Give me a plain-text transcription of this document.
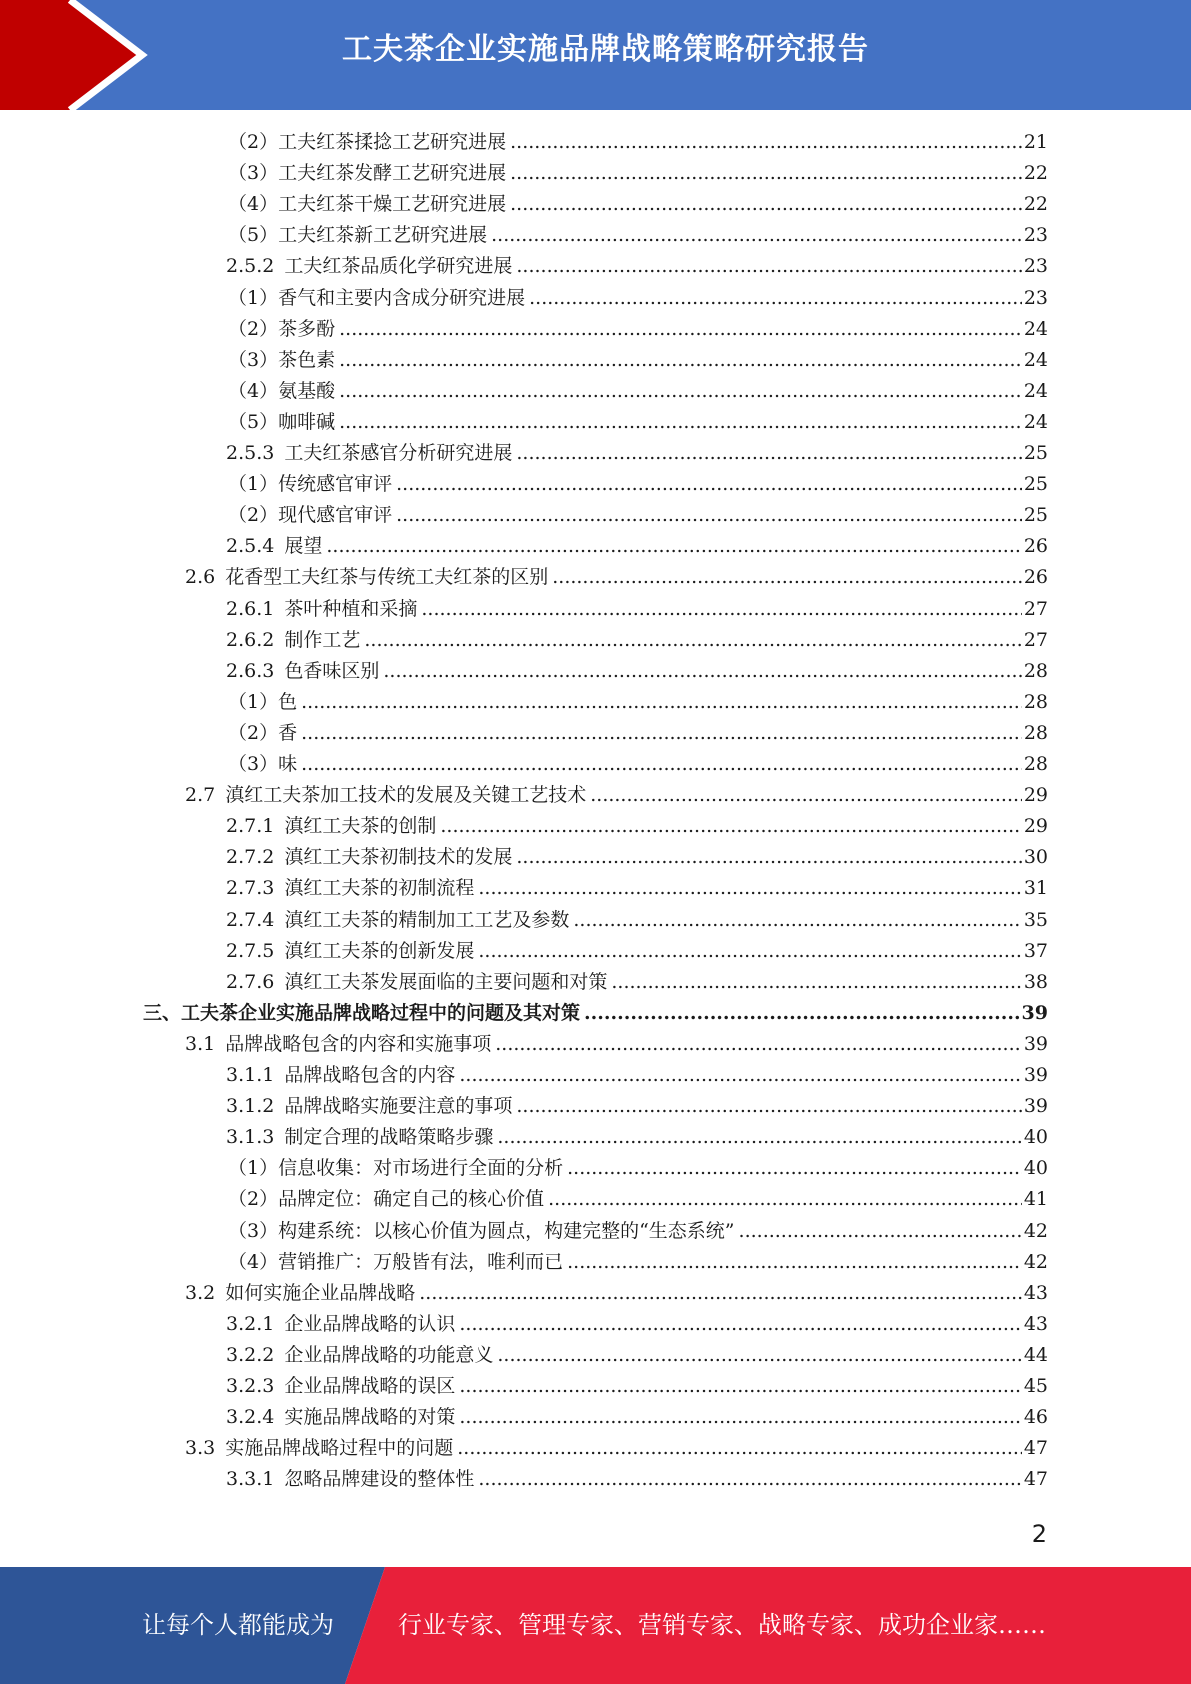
工夫茶企业实施品牌战略策略研究报告
（2） 工夫红茶揉捻工艺研究进展 .....	21
（3） 工夫红茶发酵工艺研究进展 .....	22
（4） 工夫红茶干燥工艺研究进展 .....	22
（5） 工夫红茶新工艺研究进展 .....	23
2.5.2 工夫红茶品质化学研究进展 .....	23
（1） 香气和主要内含成分研究进展 .....	23
（2） 茶多酚 .....	24
（3） 茶色素 .....	24
（4） 氨基酸 .....	24
（5） 咖啡碱 .....	24
2.5.3 工夫红茶感官分析研究进展 .....	25
（1） 传统感官审评 .....	25
（2） 现代感官审评 .....	25
2.5.4 展望 .....	26
2.6 花香型工夫红茶与传统工夫红茶的区别 .....	26
2.6.1 茶叶种植和采摘 .....	27
2.6.2 制作工艺 .....	27
2.6.3 色香味区别 .....	28
（1） 色 .....	28
（2） 香 .....	28
（3） 味 .....	28
2.7 滇红工夫茶加工技术的发展及关键工艺技术 .....	29
2.7.1 滇红工夫茶的创制 .....	29
2.7.2 滇红工夫茶初制技术的发展 .....	30
2.7.3 滇红工夫茶的初制流程 .....	31
2.7.4 滇红工夫茶的精制加工工艺及参数 .....	35
2.7.5 滇红工夫茶的创新发展 .....	37
2.7.6 滇红工夫茶发展面临的主要问题和对策 .....	38
三、工夫茶企业实施品牌战略过程中的问题及其对策 .....	39
3.1 品牌战略包含的内容和实施事项 .....	39
3.1.1 品牌战略包含的内容 .....	39
3.1.2 品牌战略实施要注意的事项 .....	39
3.1.3 制定合理的战略策略步骤 .....	40
（1） 信息收集：对市场进行全面的分析 .....	40
（2） 品牌定位：确定自己的核心价值 .....	41
（3） 构建系统：以核心价值为圆点，构建完整的“生态系统” .....	42
（4） 营销推广：万般皆有法，唯利而已 .....	42
3.2 如何实施企业品牌战略 .....	43
3.2.1 企业品牌战略的认识 .....	43
3.2.2 企业品牌战略的功能意义 .....	44
3.2.3 企业品牌战略的误区 .....	45
3.2.4 实施品牌战略的对策 .....	46
3.3 实施品牌战略过程中的问题 .....	47
3.3.1 忽略品牌建设的整体性 .....	47
2
让每个人都能成为	行业专家、管理专家、营销专家、战略专家、成功企业家……
